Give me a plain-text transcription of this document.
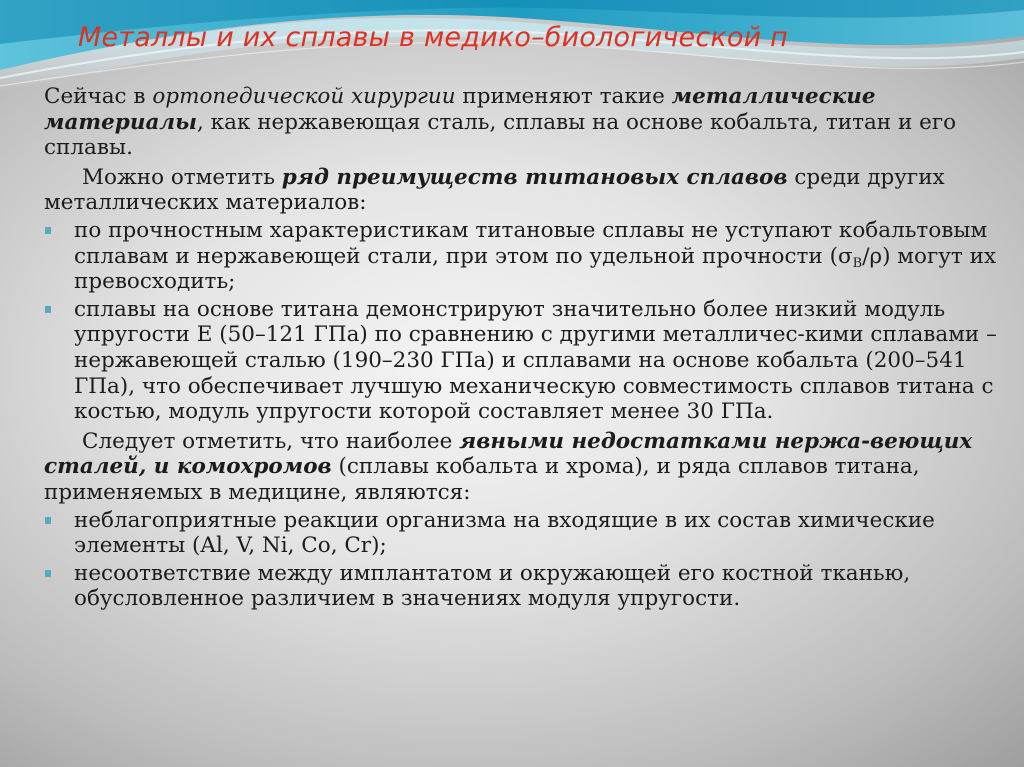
Металлы и их сплавы в медико–биологической п

Сейчас в ортопедической хирургии применяют такие металлические материалы, как нержавеющая сталь, сплавы на основе кобальта, титан и его сплавы.

Можно отметить ряд преимуществ титановых сплавов среди других металлических материалов:

по прочностным характеристикам титановые сплавы не уступают кобальтовым сплавам и нержавеющей стали, при этом по удельной прочности $(\sigma_В/\rho)$ могут их превосходить;
сплавы на основе титана демонстрируют значительно более низкий модуль упругости Е (50–121 ГПа) по сравнению с другими металличес-кими сплавами – нержавеющей сталью (190–230 ГПа) и сплавами на основе кобальта (200–541 ГПа), что обеспечивает лучшую механическую совместимость сплавов титана с костью, модуль упругости которой составляет менее 30 ГПа.

Следует отметить, что наиболее явными недостатками нержа-веющих сталей, и комохромов (сплавы кобальта и хрома), и ряда сплавов титана, применяемых в медицине, являются:

неблагоприятные реакции организма на входящие в их состав химические элементы (Al, V, Ni, Co, Cr);
несоответствие между имплантатом и окружающей его костной тканью, обусловленное различием в значениях модуля упругости.
